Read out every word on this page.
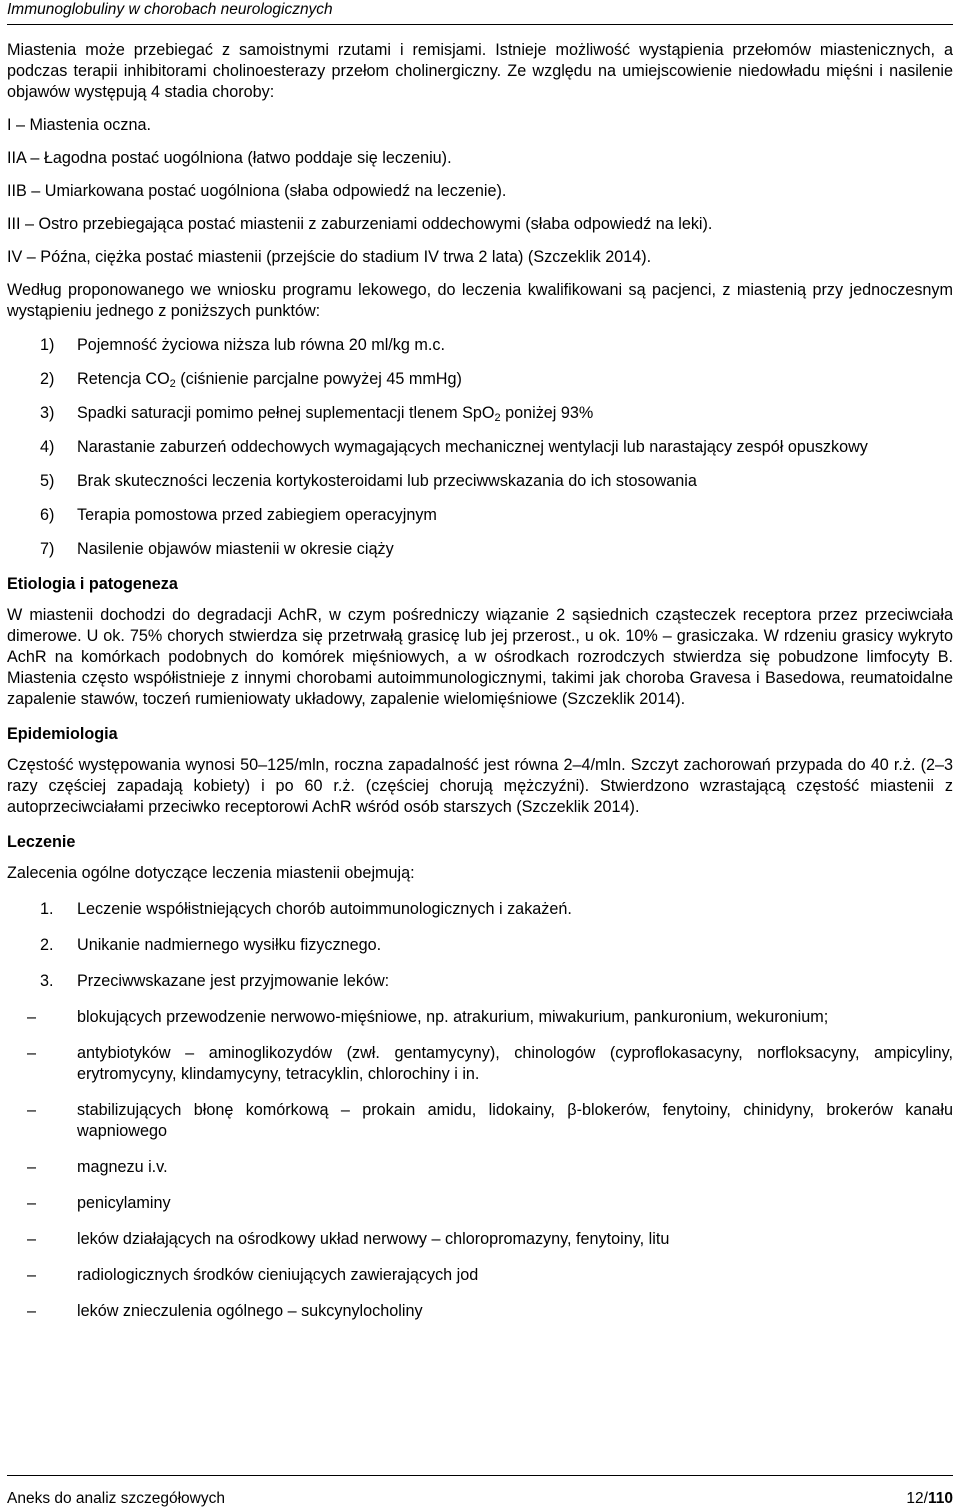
Immunoglobuliny w chorobach neurologicznych

Miastenia może przebiegać z samoistnymi rzutami i remisjami. Istnieje możliwość wystąpienia przełomów miastenicznych, a podczas terapii inhibitorami cholinoesterazy przełom cholinergiczny. Ze względu na umiejscowienie niedowładu mięśni i nasilenie objawów występują 4 stadia choroby:

I – Miastenia oczna.

IIA – Łagodna postać uogólniona (łatwo poddaje się leczeniu).

IIB – Umiarkowana postać uogólniona (słaba odpowiedź na leczenie).

III – Ostro przebiegająca postać miastenii z zaburzeniami oddechowymi (słaba odpowiedź na leki).

IV – Późna, ciężka postać miastenii (przejście do stadium IV trwa 2 lata) (Szczeklik 2014).

Według proponowanego we wniosku programu lekowego, do leczenia kwalifikowani są pacjenci, z miastenią przy jednoczesnym wystąpieniu jednego z poniższych punktów:

1) Pojemność życiowa niższa lub równa 20 ml/kg m.c.
2) Retencja $CO_2$ (ciśnienie parcjalne powyżej 45 mmHg)
3) Spadki saturacji pomimo pełnej suplementacji tlenem SpO$_2$ poniżej 93%
4) Narastanie zaburzeń oddechowych wymagających mechanicznej wentylacji lub narastający zespół opuszkowy
5) Brak skuteczności leczenia kortykosteroidami lub przeciwwskazania do ich stosowania
6) Terapia pomostowa przed zabiegiem operacyjnym
7) Nasilenie objawów miastenii w okresie ciąży

Etiologia i patogeneza

W miastenii dochodzi do degradacji AchR, w czym pośredniczy wiązanie 2 sąsiednich cząsteczek receptora przez przeciwciała dimerowe. U ok. 75% chorych stwierdza się przetrwałą grasicę lub jej przerost., u ok. 10% – grasiczaka. W rdzeniu grasicy wykryto AchR na komórkach podobnych do komórek mięśniowych, a w ośrodkach rozrodczych stwierdza się pobudzone limfocyty B. Miastenia często współistnieje z innymi chorobami autoimmunologicznymi, takimi jak choroba Gravesa i Basedowa, reumatoidalne zapalenie stawów, toczeń rumieniowaty układowy, zapalenie wielomięśniowe (Szczeklik 2014).

Epidemiologia

Częstość występowania wynosi 50–125/mln, roczna zapadalność jest równa 2–4/mln. Szczyt zachorowań przypada do 40 r.ż. (2–3 razy częściej zapadają kobiety) i po 60 r.ż. (częściej chorują mężczyźni). Stwierdzono wzrastającą częstość miastenii z autoprzeciwciałami przeciwko receptorowi AchR wśród osób starszych (Szczeklik 2014).

Leczenie

Zalecenia ogólne dotyczące leczenia miastenii obejmują:

1. Leczenie współistniejących chorób autoimmunologicznych i zakażeń.
2. Unikanie nadmiernego wysiłku fizycznego.
3. Przeciwwskazane jest przyjmowanie leków:
–	blokujących przewodzenie nerwowo-mięśniowe, np. atrakurium, miwakurium, pankuronium, wekuronium;
–	antybiotyków – aminoglikozydów (zwł. gentamycyny), chinologów (cyproflokasacyny, norfloksacyny, ampicyliny, erytromycyny, klindamycyny, tetracyklin, chlorochiny i in.
–	stabilizujących błonę komórkową – prokain amidu, lidokainy, β-blokerów, fenytoiny, chinidyny, brokerów kanału wapniowego
–	magnezu i.v.
–	penicylaminy
–	leków działających na ośrodkowy układ nerwowy – chloropromazyny, fenytoiny, litu
–	radiologicznych środków cieniujących zawierających jod
–	leków znieczulenia ogólnego – sukcynylocholiny
Aneks do analiz szczegółowych	12/110
